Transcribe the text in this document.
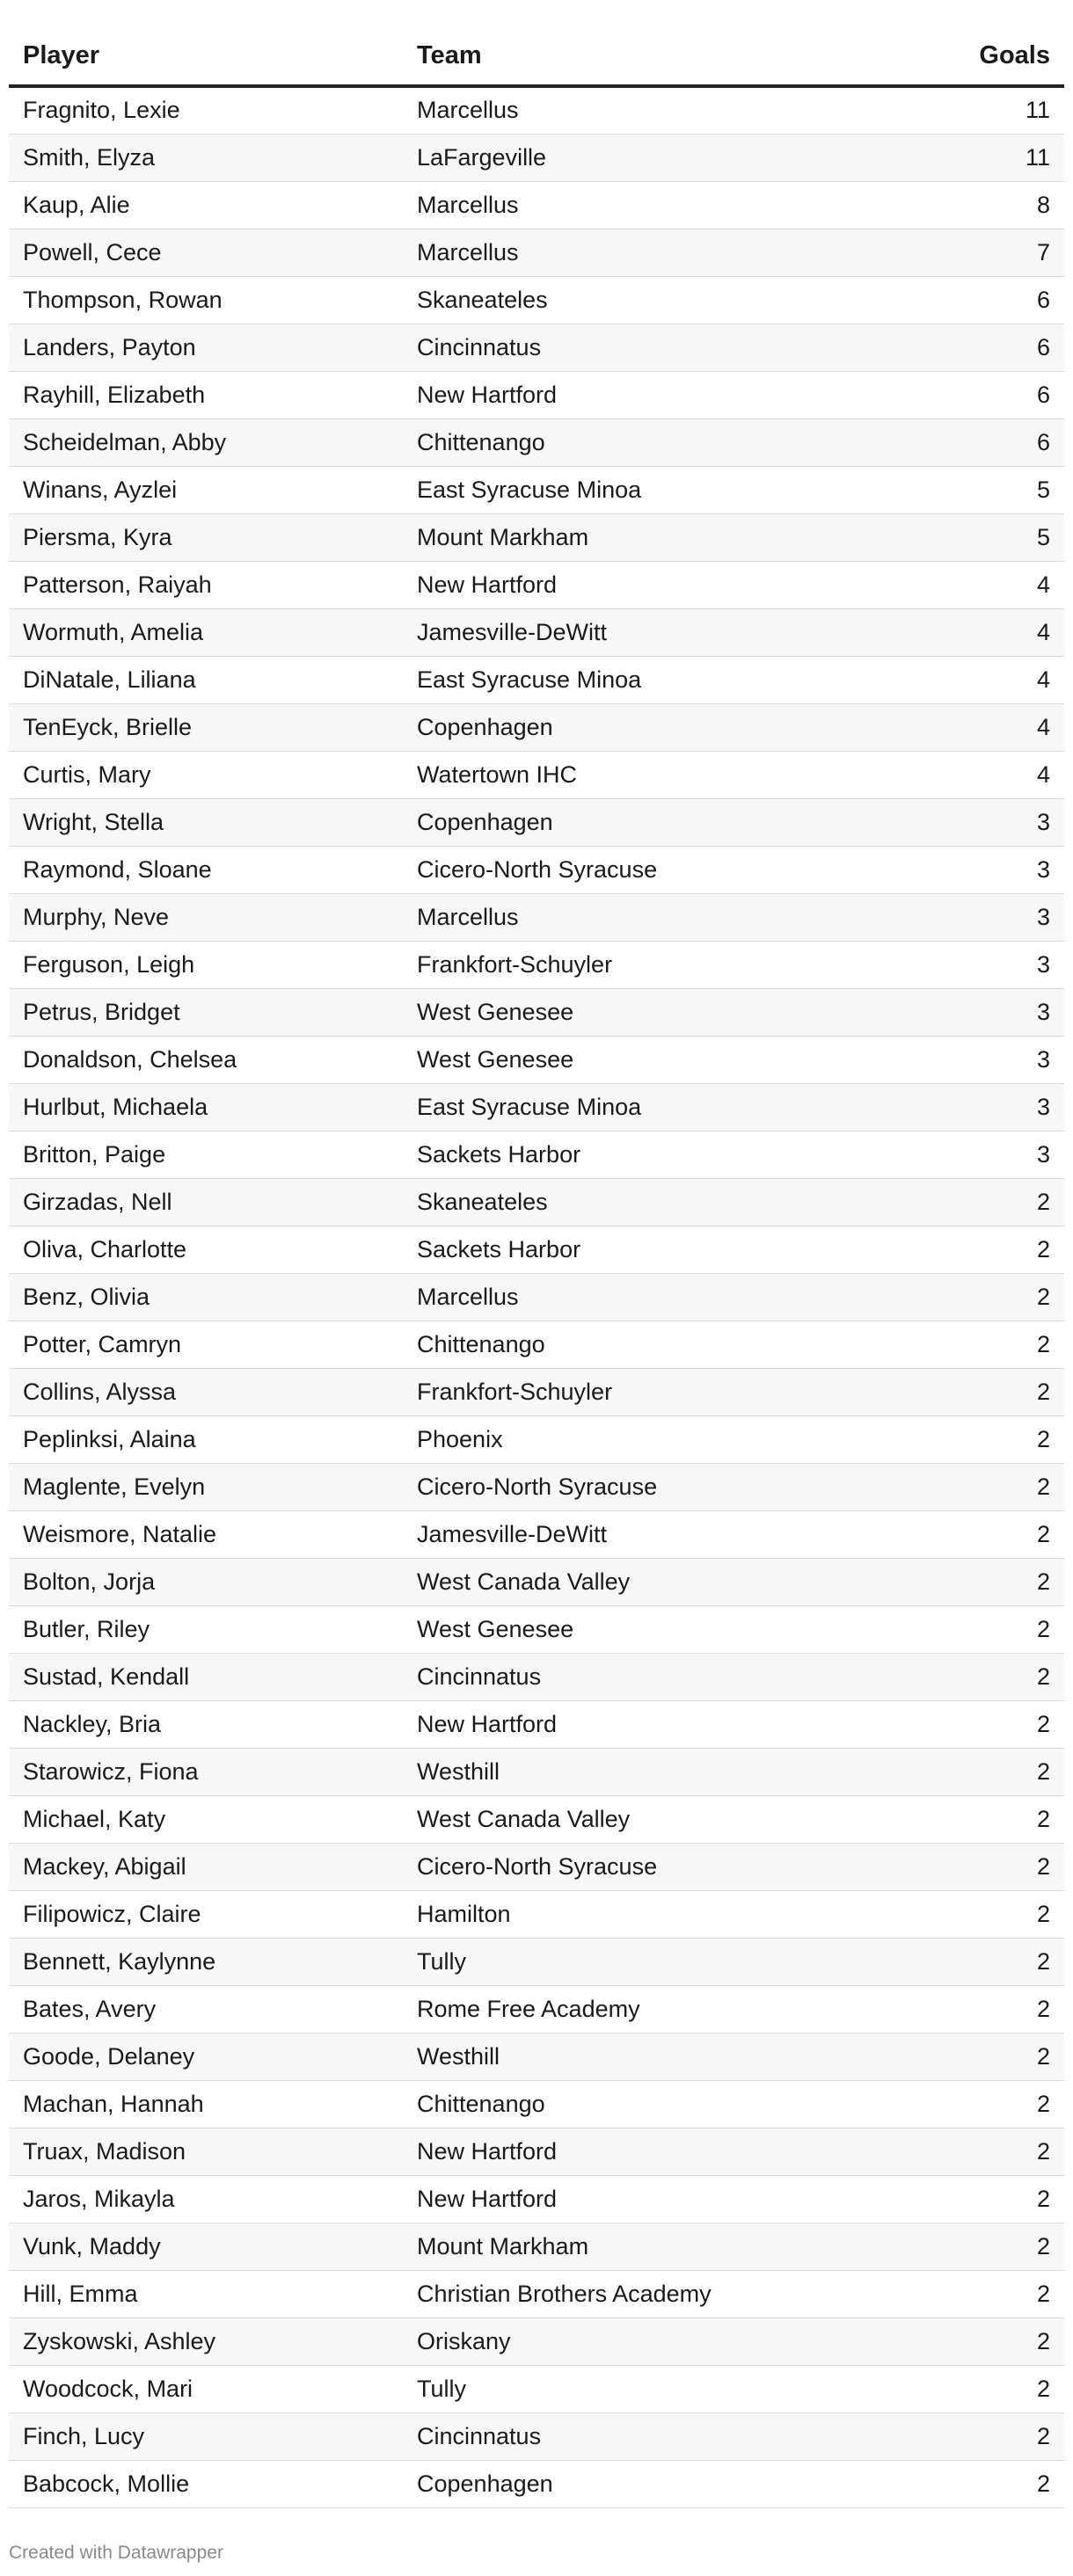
Player	Team	Goals
Fragnito, Lexie	Marcellus	11
Smith, Elyza	LaFargeville	11
Kaup, Alie	Marcellus	8
Powell, Cece	Marcellus	7
Thompson, Rowan	Skaneateles	6
Landers, Payton	Cincinnatus	6
Rayhill, Elizabeth	New Hartford	6
Scheidelman, Abby	Chittenango	6
Winans, Ayzlei	East Syracuse Minoa	5
Piersma, Kyra	Mount Markham	5
Patterson, Raiyah	New Hartford	4
Wormuth, Amelia	Jamesville-DeWitt	4
DiNatale, Liliana	East Syracuse Minoa	4
TenEyck, Brielle	Copenhagen	4
Curtis, Mary	Watertown IHC	4
Wright, Stella	Copenhagen	3
Raymond, Sloane	Cicero-North Syracuse	3
Murphy, Neve	Marcellus	3
Ferguson, Leigh	Frankfort-Schuyler	3
Petrus, Bridget	West Genesee	3
Donaldson, Chelsea	West Genesee	3
Hurlbut, Michaela	East Syracuse Minoa	3
Britton, Paige	Sackets Harbor	3
Girzadas, Nell	Skaneateles	2
Oliva, Charlotte	Sackets Harbor	2
Benz, Olivia	Marcellus	2
Potter, Camryn	Chittenango	2
Collins, Alyssa	Frankfort-Schuyler	2
Peplinksi, Alaina	Phoenix	2
Maglente, Evelyn	Cicero-North Syracuse	2
Weismore, Natalie	Jamesville-DeWitt	2
Bolton, Jorja	West Canada Valley	2
Butler, Riley	West Genesee	2
Sustad, Kendall	Cincinnatus	2
Nackley, Bria	New Hartford	2
Starowicz, Fiona	Westhill	2
Michael, Katy	West Canada Valley	2
Mackey, Abigail	Cicero-North Syracuse	2
Filipowicz, Claire	Hamilton	2
Bennett, Kaylynne	Tully	2
Bates, Avery	Rome Free Academy	2
Goode, Delaney	Westhill	2
Machan, Hannah	Chittenango	2
Truax, Madison	New Hartford	2
Jaros, Mikayla	New Hartford	2
Vunk, Maddy	Mount Markham	2
Hill, Emma	Christian Brothers Academy	2
Zyskowski, Ashley	Oriskany	2
Woodcock, Mari	Tully	2
Finch, Lucy	Cincinnatus	2
Babcock, Mollie	Copenhagen	2
Created with Datawrapper
